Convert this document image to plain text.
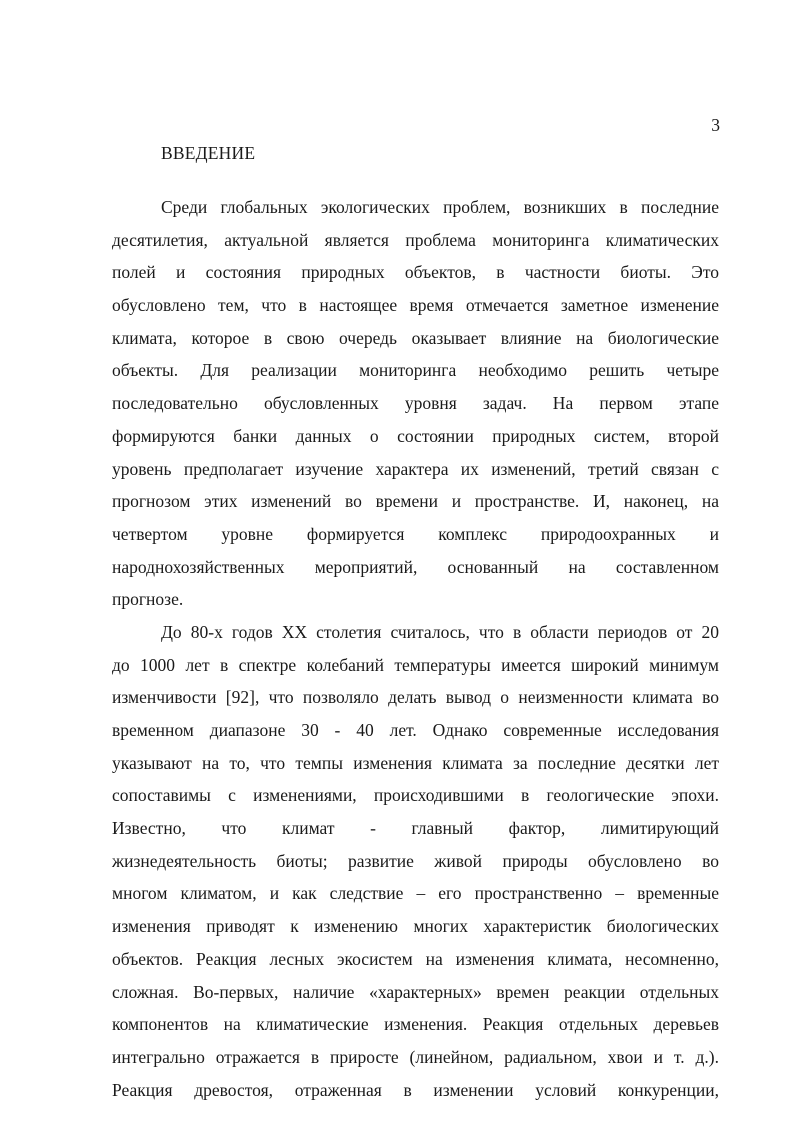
3
ВВЕДЕНИЕ
Среди глобальных экологических проблем, возникших в последние
десятилетия, актуальной является проблема мониторинга климатических
полей и состояния природных объектов, в частности биоты. Это
обусловлено тем, что в настоящее время отмечается заметное изменение
климата, которое в свою очередь оказывает влияние на биологические
объекты. Для реализации мониторинга необходимо решить четыре
последовательно обусловленных уровня задач. На первом этапе
формируются банки данных о состоянии природных систем, второй
уровень предполагает изучение характера их изменений, третий связан с
прогнозом этих изменений во времени и пространстве. И, наконец, на
четвертом уровне формируется комплекс природоохранных и
народнохозяйственных мероприятий, основанный на составленном
прогнозе.
До 80-х годов XX столетия считалось, что в области периодов от 20
до 1000 лет в спектре колебаний температуры имеется широкий минимум
изменчивости [92], что позволяло делать вывод о неизменности климата во
временном диапазоне 30 - 40 лет. Однако современные исследования
указывают на то, что темпы изменения климата за последние десятки лет
сопоставимы с изменениями, происходившими в геологические эпохи.
Известно, что климат - главный фактор, лимитирующий
жизнедеятельность биоты; развитие живой природы обусловлено во
многом климатом, и как следствие – его пространственно – временные
изменения приводят к изменению многих характеристик биологических
объектов. Реакция лесных экосистем на изменения климата, несомненно,
сложная. Во-первых, наличие «характерных» времен реакции отдельных
компонентов на климатические изменения. Реакция отдельных деревьев
интегрально отражается в приросте (линейном, радиальном, хвои и т. д.).
Реакция древостоя, отраженная в изменении условий конкуренции,
